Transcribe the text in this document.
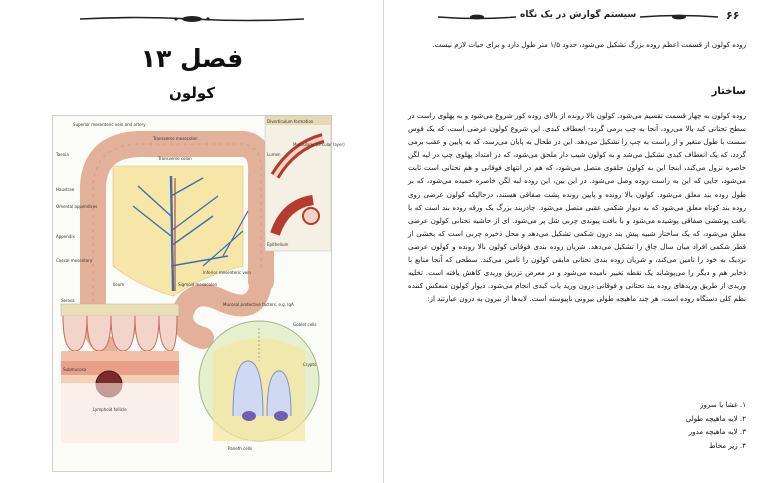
فصل ۱۳
کولون
Superior mesenteric vein and artery
Transverse mesocolon
Transverse colon
Diverticulum formation
Taenia
Haustrae
Omental appendices
Appendix
Caecal mesentery
Ileum	Sigmoid mesocolon
Muscularis (circular layer)
Lumen
Epithelium
Serosa
Inferior mesenteric vein
Mucosal protective factors, e.g. IgA
Goblet cells
Crypts
Lymphoid follicle
Submucosa
Paneth cells
۶۶
سیستم گوارش در یک نگاه
روده کولون از قسمت اعظم روده بزرگ تشکیل می‌شود، حدود ۱/۵ متر طول دارد و برای حیات لازم نیست.
ساختار
روده کولون به چهار قسمت تقسیم می‌شود. کولون بالا رونده از بالای روده کور شروع می‌شود و به پهلوی راست در سطح تحتانی کبد بالا می‌رود، آنجا به چپ برمی گردد- انعطاف کبدی. این شروع کولون عرضی است، که یک قوس سست با طول متغیر و از راست به چپ را تشکیل می‌دهد. این در طحال به پایان می‌رسد، که به پایین و عقب برمی گردد، که یک انعطاف کبدی تشکیل می‌شد و به کولون شیب دار ملحق می‌شود، که در امتداد پهلوی چپ در لبه لگن خاصره نزول می‌کند، اینجا این به کولون حلقوی متصل می‌شود، که هم در انتهای فوقانی و هم تحتانی است ثابت می‌شود، جایی که این به راست روده وصل می‌شود. در این بین، این روده لبه لگن خاصره خمیده می‌شود، که بر طول روده بند معلق می‌شود. کولون بالا رونده و پایین رونده پشت صفاقی هستند، درحالیکه کولون عرضی روی روده بند کوتاه معلق می‌شود که به دیوار شکمی عقبی متصل می‌شود. چادربند بزرگ یک ورقه روده بند است که با بافت پوششی صفاقی پوشیده می‌شود و با بافت پیوندی چربی شل پر می‌شود. ای از حاشیه تحتانی کولون عرضی معلق می‌شود، که یک ساختار شبیه پیش بند درون شکمی تشکیل می‌دهد و محل ذخیره چربی است که بخشی از قطر شکمی افراد میان سال چاق را تشکیل می‌دهد. شریان روده بندی فوقانی کولون بالا رونده و کولون عرضی نزدیک به خود را تامین می‌کند، و شریان روده بندی تحتانی مابقی کولون را تامین می‌کند. سطحی که آنجا منابع با ذخایر هم و دیگر را می‌پوشاند یک نقطه تغییر نامیده می‌شود و در معرض تزریق وریدی کاهش یافته است. تخلیه وریدی از طریق وریدهای روده بند تحتانی و فوقانی درون ورید باب کبدی انجام می‌شود. دیوار کولون منعکس کننده نظم کلی دستگاه روده است، هر چند ماهیچه طولی بیرونی ناپیوسته است. لایه‌ها از بیرون به درون عبارتند از:
۱. غشا یا سروز
۲. لایه ماهیچه طولی
۳. لایه ماهیچه مدور
۴. زیر مخاط
